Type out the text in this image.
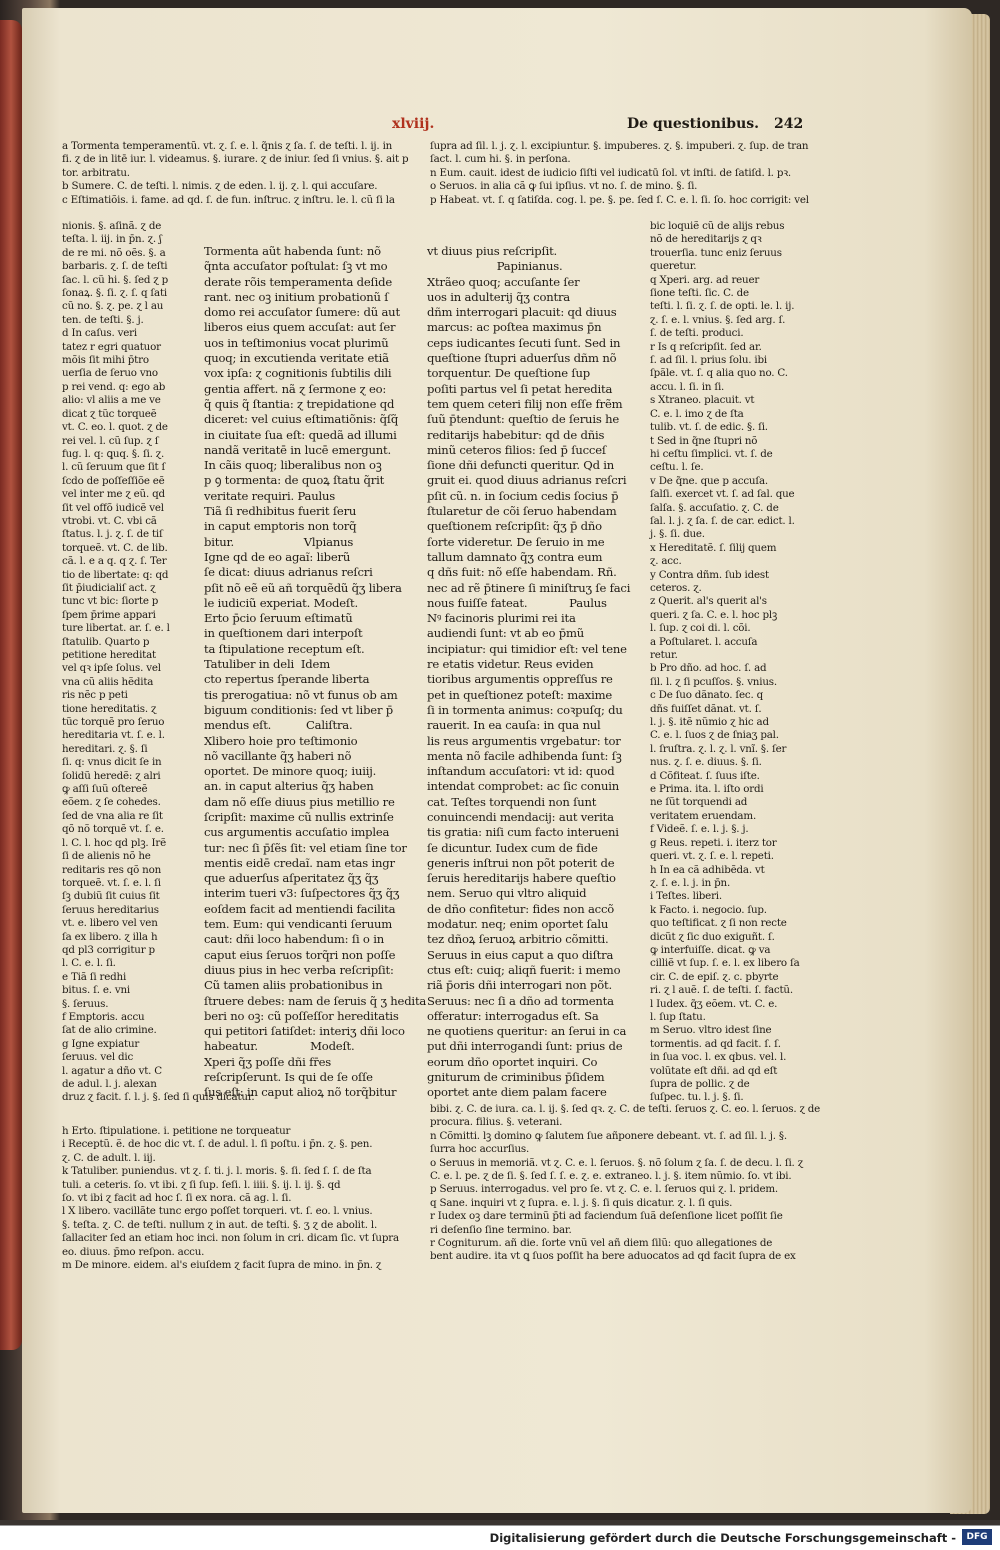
xlviij.	De questionibus. 242

a Tormenta temperamentũ. vt. ɀ. ſ. e. l. q̃nis ɀ ſa. ſ. de teſti. l. ij. in

fi. ɀ de in litē iur. l. videamus. §. iurare. ɀ de iniur. ſed ſi vnius. §. ait p

tor. arbitratu.

b Sumere. C. de teſti. l. nimis. ɀ de eden. l. ij. ɀ. l. qui accuſare.

c Eſtimatiõis. i. fame. ad qd. ſ. de fun. inſtruc. ɀ inſtru. le. l. cũ ſi la

ſupra ad ſil. l. j. ɀ. l. excipiuntur. §. impuberes. ɀ. §. impuberi. ɀ. ſup. de tran

ſact. l. cum hi. §. in perſona.

n Eum. cauit. idest de iudicio ſiſti vel iudicatū ſol. vt inſti. de ſatiſd. l. pꝛ.

o Seruos. in alia cã ꝙ ſui ipſius. vt no. ſ. de mino. §. ſi.

p Habeat. vt. ſ. q ſatiſda. cog. l. pe. §. pe. ſed ſ. C. e. l. ſi. ſo. hoc corrigit: vel

nionis. §. aſinã. ɀ de

teſta. l. iij. in p̄n. ɀ. ʃ

de re mi. nõ oẽs. §. a

barbaris. ɀ. ſ. de teſti

ſac. l. cũ hi. §. ſed ɀ p

ſonaꝝ. §. ſi. ɀ. ſ. q ſati

cũ no. §. ɀ. pe. ɀ l au

ten. de teſti. §. j.

d In caſus. veri

tatez r egri quatuor

mõis ſit mihi p̄tro

uerſia de ſeruo vno

p rei vend. q: ego ab

alio: vl aliis a me ve

dicat ɀ tũc torqueẽ

vt. C. eo. l. quot. ɀ de

rei vel. l. cũ ſup. ɀ ſ

fug. l. q: ꝗuq. §. ſi. ɀ.

l. cũ ſeruum que ſit ſ

ſcdo de poſſeſſiõe eẽ

vel inter me ɀ eũ. qd

ſit vel offõ iudicẽ vel

vtrobi. vt. C. vbi cã

ſtatus. l. j. ɀ. ſ. de tiſ

torqueẽ. vt. C. de lib.

cã. l. e a q. q ɀ. ſ. Ter

tio de libertate: q: qd

ſit p̄iudicialiſ act. ɀ

tunc vt bic: ſiorte p

ſpem p̄rime appari

ture libertat. ar. ſ. e. l

ſtatulib. Quarto p

petitione hereditat

vel qꝛ ipſe ſolus. vel

vna cũ aliis hẽdita

ris nẽc p peti

tione hereditatis. ɀ

tũc torquẽ pro ſeruo

hereditaria vt. ſ. e. l.

hereditari. ɀ. §. ſi

ſi. q: vnus dicit ſe in

ſolidũ heredẽ: ɀ alri

ꝙ aſſi ſuũ oſtereẽ

eõem. ɀ ſe cohedes.

ſed de vna alia re ſit

qõ nõ torquẽ vt. ſ. e.

l. C. l. hoc qd plꝫ. Irẽ

ſi de alienis nõ he

reditaris res qõ non

torqueẽ. vt. ſ. e. l. ſi

ſꝫ dubiũ ſit cuius ſit

ſeruus hereditarius

vt. e. libero vel ven

ſa ex libero. ɀ illa h

qd pl3 corrigitur p

l. C. e. l. ſi.

e Tiã ſi redhi

bitus. ſ. e. vni

§. ſeruus.

f Emptoris. accu

ſat de alio crimine.

g Igne expiatur

ſeruus. vel dic

l. agatur a dño vt. C

de adul. l. j. alexan

druz ɀ facit. ſ. l. j. §. ſed ſi quis dicatur.

Tormenta aũt habenda ſunt: nõ

q̃nta accuſator poſtulat: ſꝫ vt mo

derate rõis temperamenta deſide

rant. nec oꝫ initium probationũ ſ

domo rei accuſator ſumere: dũ aut

liberos eius quem accuſat: aut ſer

uos in teſtimonius vocat plurimũ

quoq; in excutienda veritate etiã

vox ipſa: ɀ cognitionis ſubtilis dili

gentia affert. nã ɀ ſermone ɀ eo:

q̃ quis q̃ ſtantia: ɀ trepidatione qd

diceret: vel cuius eſtimatiõnis: q̃ſq̃

in ciuitate ſua eſt: quedã ad illumi

nandã veritatē in lucē emergunt.

In cãis quoq; liberalibus non oꝫ

p ꝯ tormenta: de quoꝝ ſtatu q̃rit

veritate requiri. Paulus

Tiã ſi redhibitus fuerit ſeru

in caput emptoris non torq̃

bitur.                    Vlpianus

Igne qd de eo agaĩ: liberũ

ſe dicat: diuus adrianus reſcri

pſit nõ eẽ eũ añ torquẽdũ q̃ʒ libera

le iudiciũ experiat. Modeſt.

Erto p̄cio ſeruum eſtimatũ

in queſtionem dari interpoſt

ta ſtipulatione receptum eſt.

Tatuliber in deli  Idem

cto repertus ſperande liberta

tis prerogatiua: nõ vt funus ob am

biguum conditionis: ſed vt liber p̄

mendus eſt.          Caliſtra.

Xlibero hoie pro teſtimonio

nõ vacillante q̃ʒ haberi nõ

oportet. De minore quoq; iuiij.

an. in caput alterius q̃ʒ haben

dam nõ eſſe diuus pius metillio re

ſcripſit: maxime cũ nullis extrinſe

cus argumentis accuſatio implea

tur: nec ſi p̄ſẽs ſit: vel etiam ſine tor

mentis eidē credaĩ. nam etas ingr

que aduerſus aſperitatez q̃ʒ q̃ʒ

interim tueri v3: ſuſpectores q̃ʒ q̃ʒ

eoſdem facit ad mentiendi facilita

tem. Eum: qui vendicanti ſeruum

caut: dñi loco habendum: ſi o in

caput eius ſeruos torq̃ri non poſſe

diuus pius in hec verba reſcripſit:

Cũ tamen aliis probationibus in

ſtruere debes: nam de ſeruis q̃ ʒ hedita

beri no oꝫ: cũ poſſeſſor hereditatis

qui petitori ſatiſdet: interiʒ dñi loco

habeatur.               Modeſt.

Xperi q̃ʒ poſſe dñi fr̄es

reſcripſerunt. Is qui de ſe oſſe

ſus eſt: in caput alioꝝ nõ torq̃bitur

vt diuus pius reſcripſit.

Papinianus.

Xtrãeo quoq; accuſante ſer

uos in adulterij q̃ʒ contra

dñm interrogari placuit: qd diuus

marcus: ac poſtea maximus p̄n

ceps iudicantes ſecuti ſunt. Sed in

queſtione ſtupri aduerſus dñm nõ

torquentur. De queſtione ſup

poſiti partus vel ſi petat heredita

tem quem ceteri filij non eſſe frẽm

ſuũ p̄tendunt: queſtio de ſeruis he

reditarijs habebitur: qd de dñis

minũ ceteros filios: ſed p̄ ſucceſ

ſione dñi defuncti queritur. Qd in

gruit ei. quod diuus adrianus reſcri

pſit cũ. n. in ſocium cedis ſocius p̄

ſtularetur de cõi ſeruo habendam

queſtionem reſcripſit: q̃ʒ p̄ dño

ſorte videretur. De ſeruio in me

tallum damnato q̃ʒ contra eum

q dñs fuit: nõ eſſe habendam. Rñ.

nec ad rẽ p̄tinere ſi miniſtruʒ ſe faci

nous fuiſſe fateat.            Paulus

Nꝰ facinoris plurimi rei ita

audiendi ſunt: vt ab eo p̄mũ

incipiatur: qui timidior eſt: vel tene

re etatis videtur. Reus eviden

tioribus argumentis oppreſſus re

pet in queſtionez poteſt: maxime

ſi in tormenta animus: coꝛpuſq; du

rauerit. In ea cauſa: in qua nul

lis reus argumentis vrgebatur: tor

menta nõ facile adhibenda ſunt: ſꝫ

inſtandum accuſatori: vt id: quod

intendat comprobet: ac ſic conuin

cat. Teſtes torquendi non ſunt

conuincendi mendacij: aut verita

tis gratia: niſi cum facto interueni

ſe dicuntur. Iudex cum de fide

generis inſtrui non põt poterit de

ſeruis hereditarijs habere queſtio

nem. Seruo qui vltro aliquid

de dño confitetur: fides non accõ

modatur. neq; enim oportet ſalu

tez dñoꝝ ſeruoꝝ arbitrio cõmitti.

Seruus in eius caput a quo diſtra

ctus eſt: cuiq; aliqñ fuerit: i memo

riã p̄oris dñi interrogari non põt.

Seruus: nec ſi a dño ad tormenta

offeratur: interrogadus eſt. Sa

ne quotiens queritur: an ſerui in ca

put dñi interrogandi ſunt: prius de

eorum dño oportet inquiri. Co

gniturum de criminibus p̄ſidem

oportet ante diem palam facere

bic loquiẽ cũ de alijs rebus

nõ de hereditarijs ɀ qꝛ

trouerſia. tunc eniz ſeruus

queretur.

q Xperi. arg. ad reuer

ſione teſti. ſic. C. de

teſti. l. ſi. ɀ. ſ. de opti. le. l. ij.

ɀ. ſ. e. l. vnius. §. ſed arg. ſ.

ſ. de teſti. produci.

r Is q reſcripſit. ſed ar.

ſ. ad ſil. l. prius ſolu. ibi

ſpãle. vt. ſ. q alia quo no. C.

accu. l. ſi. in ſi.

s Xtraneo. placuit. vt

C. e. l. imo ɀ de ſta

tulib. vt. ſ. de edic. §. ſi.

t Sed in q̃ne ſtupri nõ

hi ceſtu ſimplici. vt. ſ. de

ceſtu. l. ſe.

v De q̃ne. que p accuſa.

ſalſi. exercet vt. ſ. ad ſal. que

ſalſa. §. accuſatio. ɀ. C. de

ſal. l. j. ɀ ſa. ſ. de car. edict. l.

j. §. ſi. due.

x Hereditatẽ. ſ. ſilij quem

ɀ. acc.

y Contra dñm. ſub idest

ceteros. ɀ.

z Querit. al's querit al's

queri. ɀ ſa. C. e. l. hoc plꝫ

l. ſup. ɀ coi di. l. cõi.

a Poſtularet. l. accuſa

retur.

b Pro dño. ad hoc. ſ. ad

ſil. l. ɀ ſi pcuſſos. §. vnius.

c De ſuo dãnato. ſec. q

dñs fuiſſet dãnat. vt. ſ.

l. j. §. itẽ nũmio ɀ hic ad

C. e. l. ſuos ɀ de ſniaʒ pal.

l. ſruſtra. ɀ. l. ɀ. l. vnĩ. §. ſer

nus. ɀ. ſ. e. diuus. §. ſi.

d Cõfiteat. ſ. ſuus iſte.

e Prima. ita. l. iſto ordi

ne ſũt torquendi ad

veritatem eruendam.

f Videẽ. ſ. e. l. j. §. j.

g Reus. repeti. i. iterz tor

queri. vt. ɀ. ſ. e. l. repeti.

h In ea cã adhibẽda. vt

ɀ. ſ. e. l. j. in p̄n.

i Teſtes. liberi.

k Facto. i. negocio. ſup.

quo teſtificat. ɀ ſi non recte

dicũt ɀ ſic duo exiguñt. ſ.

ꝙ interfuiſſe. dicat. ꝙ va

cilliẽ vt ſup. ſ. e. l. ex libero ſa

cir. C. de epiſ. ɀ. c. pbyrte

ri. ɀ l auẽ. ſ. de teſti. ſ. factũ.

l Iudex. q̃ʒ eõem. vt. C. e.

l. ſup ſtatu.

m Seruo. vltro idest ſine

tormentis. ad qd facit. ſ. ſ.

in ſua voc. l. ex qbus. vel. l.

volũtate eſt dñi. ad qd eſt

ſupra de pollic. ɀ de

ſuſpec. tu. l. j. §. ſi.

h Erto. ſtipulatione. i. petitione ne torqueatur

i Receptũ. ẽ. de hoc dic vt. ſ. de adul. l. ſi poſtu. i p̄n. ɀ. §. pen.

ɀ. C. de adult. l. iij.

k Tatuliber. puniendus. vt ɀ. ſ. ti. j. l. moris. §. ſi. ſed ſ. ſ. de ſta

tuli. a ceteris. ſo. vt ibi. ɀ ſi ſup. ſeſi. l. iiii. §. ij. l. ij. §. qd

ſo. vt ibi ɀ facit ad hoc ſ. ſi ex nora. cã ag. l. ſi.

l X libero. vacillãte tunc ergo poſſet torqueri. vt. ſ. eo. l. vnius.

§. teſta. ɀ. C. de teſti. nullum ɀ in aut. de teſti. §. ʒ ɀ de abolit. l.

ſallaciter ſed an etiam hoc inci. non ſolum in cri. dicam ſic. vt ſupra

eo. diuus. p̄mo reſpon. accu.

m De minore. eidem. al's eiuſdem ɀ facit ſupra de mino. in p̄n. ɀ

bibi. ɀ. C. de iura. ca. l. ij. §. ſed qꝛ. ɀ. C. de teſti. ſeruos ɀ. C. eo. l. ſeruos. ɀ de

procura. filius. §. veterani.

n Cõmitti. lꝫ domino ꝙ ſalutem ſue añponere debeant. vt. ſ. ad ſil. l. j. §.

ſurra hoc accurſius.

o Seruus in memoriã. vt ɀ. C. e. l. ſeruos. §. nõ ſolum ɀ ſa. ſ. de decu. l. ſi. ɀ

C. e. l. pe. ɀ de ſi. §. ſed ſ. ſ. e. ɀ. e. extraneo. l. j. §. item nũmio. ſo. vt ibi.

p Seruus. interrogadus. vel pro ſe. vt ɀ. C. e. l. ſeruos qui ɀ. l. pridem.

q Sane. inquiri vt ɀ ſupra. e. l. j. §. ſi quis dicatur. ɀ. l. ſi quis.

r Iudex oꝫ dare terminũ p̄ti ad faciendum ſuã deſenſione licet poſſit ſie

ri deſenſio ſine termino. bar.

r Cogniturum. añ die. ſorte vnũ vel añ diem ſilũ: quo allegationes de

bent audire. ita vt ꝗ ſuos poſſit ha bere aduocatos ad qd facit ſupra de ex

Digitalisierung gefördert durch die Deutsche Forschungsgemeinschaft -	DFG
